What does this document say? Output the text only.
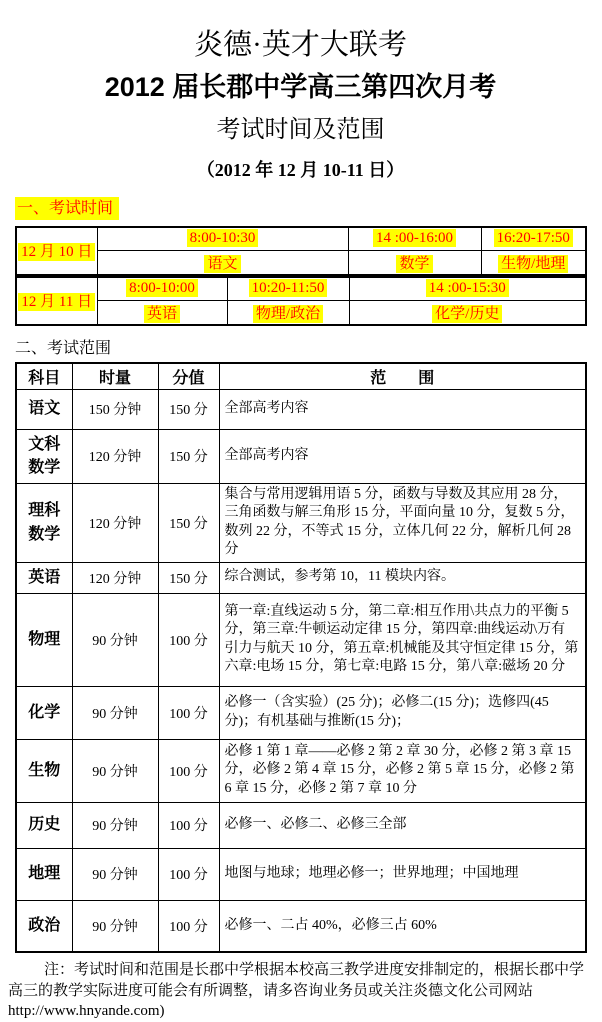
炎德·英才大联考
2012 届长郡中学高三第四次月考
考试时间及范围
（2012 年 12 月 10-11 日）
一、考试时间
12 月 10 日	8:00-10:30	14 :00-16:00	16:20-17:50
	语文	数学	生物/地理
12 月 11 日	8:00-10:00	10:20-11:50	14 :00-15:30
	英语	物理/政治	化学/历史
二、考试范围
科目	时量	分值	范　　围
语文	150 分钟	150 分	全部高考内容
文科数学	120 分钟	150 分	全部高考内容
理科数学	120 分钟	150 分	集合与常用逻辑用语 5 分，函数与导数及其应用 28 分，三角函数与解三角形 15 分，平面向量 10 分，复数 5 分，数列 22 分，不等式 15 分，立体几何 22 分，解析几何 28 分
英语	120 分钟	150 分	综合测试，参考第 10，11 模块内容。
物理	90 分钟	100 分	第一章:直线运动 5 分，第二章:相互作用\共点力的平衡 5 分，第三章:牛顿运动定律 15 分，第四章:曲线运动\万有引力与航天 10 分，第五章:机械能及其守恒定律 15 分，第六章:电场 15 分，第七章:电路 15 分，第八章:磁场 20 分
化学	90 分钟	100 分	必修一（含实验）(25 分)；必修二(15 分)；选修四(45 分)；有机基础与推断(15 分)；
生物	90 分钟	100 分	必修 1 第 1 章——必修 2 第 2 章 30 分，必修 2 第 3 章 15 分，必修 2 第 4 章 15 分，必修 2 第 5 章 15 分，必修 2 第 6 章 15 分，必修 2 第 7 章 10 分
历史	90 分钟	100 分	必修一、必修二、必修三全部
地理	90 分钟	100 分	地图与地球；地理必修一；世界地理；中国地理
政治	90 分钟	100 分	必修一、二占 40%，必修三占 60%
注：考试时间和范围是长郡中学根据本校高三教学进度安排制定的，根据长郡中学
高三的教学实际进度可能会有所调整，请多咨询业务员或关注炎德文化公司网站
http://www.hnyande.com)
